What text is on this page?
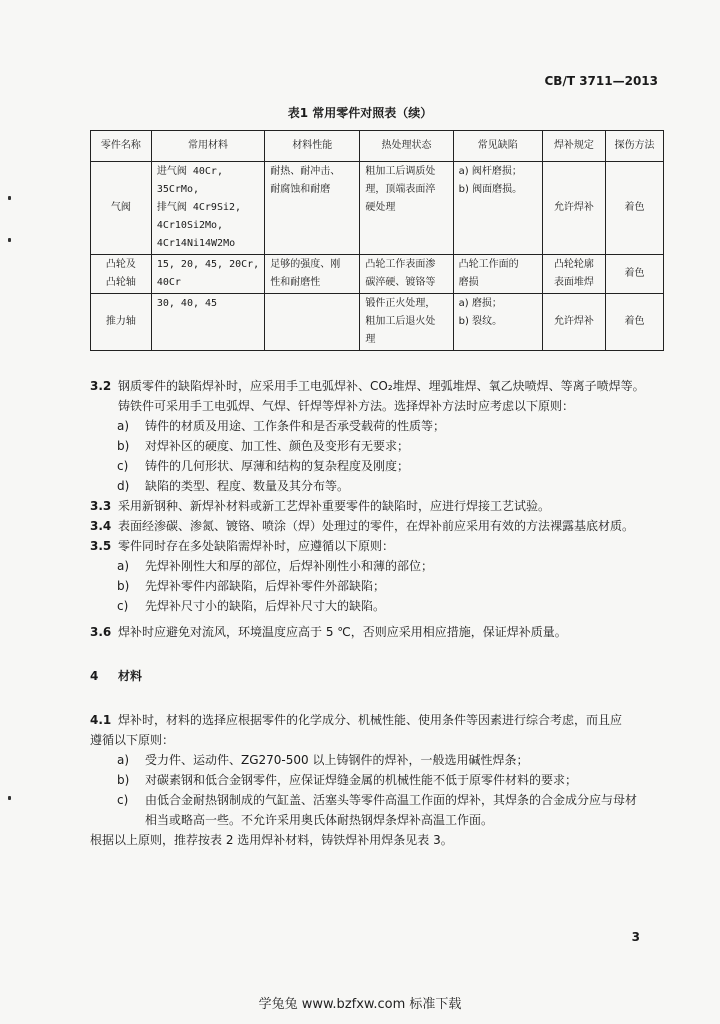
CB/T 3711—2013
表1 常用零件对照表（续）
零件名称	常用材料	材料性能	热处理状态	常见缺陷	焊补规定	探伤方法
气阀	进气阀 40Cr,
35CrMo,
排气阀 4Cr9Si2,
4Cr10Si2Mo,
4Cr14Ni14W2Mo	耐热、耐冲击、
耐腐蚀和耐磨	粗加工后调质处
理，顶端表面淬
硬处理	a) 阀杆磨损；
b) 阀面磨损。	允许焊补	着色

凸轮及
凸轮轴	15, 20, 45, 20Cr,
40Cr	足够的强度、刚
性和耐磨性	凸轮工作表面渗
碳淬硬、镀铬等	凸轮工作面的
磨损	凸轮轮廓
表面堆焊	着色
推力轴	30, 40, 45		锻件正火处理，
粗加工后退火处
理	a) 磨损；
b) 裂纹。	允许焊补	着色
3.2 钢质零件的缺陷焊补时，应采用手工电弧焊补、CO₂堆焊、埋弧堆焊、氧乙炔喷焊、等离子喷焊等。
铸铁件可采用手工电弧焊、气焊、钎焊等焊补方法。选择焊补方法时应考虑以下原则：
a) 铸件的材质及用途、工作条件和是否承受载荷的性质等；
b) 对焊补区的硬度、加工性、颜色及变形有无要求；
c) 铸件的几何形状、厚薄和结构的复杂程度及刚度；
d) 缺陷的类型、程度、数量及其分布等。
3.3 采用新钢种、新焊补材料或新工艺焊补重要零件的缺陷时，应进行焊接工艺试验。
3.4 表面经渗碳、渗氮、镀铬、喷涂（焊）处理过的零件，在焊补前应采用有效的方法裸露基底材质。
3.5 零件同时存在多处缺陷需焊补时，应遵循以下原则：
a) 先焊补刚性大和厚的部位，后焊补刚性小和薄的部位；
b) 先焊补零件内部缺陷，后焊补零件外部缺陷；
c) 先焊补尺寸小的缺陷，后焊补尺寸大的缺陷。
3.6 焊补时应避免对流风，环境温度应高于 5 ℃，否则应采用相应措施，保证焊补质量。
4 材料
4.1 焊补时，材料的选择应根据零件的化学成分、机械性能、使用条件等因素进行综合考虑，而且应
遵循以下原则：
a) 受力件、运动件、ZG270-500 以上铸钢件的焊补，一般选用碱性焊条；
b) 对碳素钢和低合金钢零件，应保证焊缝金属的机械性能不低于原零件材料的要求；
c) 由低合金耐热钢制成的气缸盖、活塞头等零件高温工作面的焊补，其焊条的合金成分应与母材
相当或略高一些。不允许采用奥氏体耐热钢焊条焊补高温工作面。
根据以上原则，推荐按表 2 选用焊补材料，铸铁焊补用焊条见表 3。
3
学兔兔 www.bzfxw.com 标准下载
